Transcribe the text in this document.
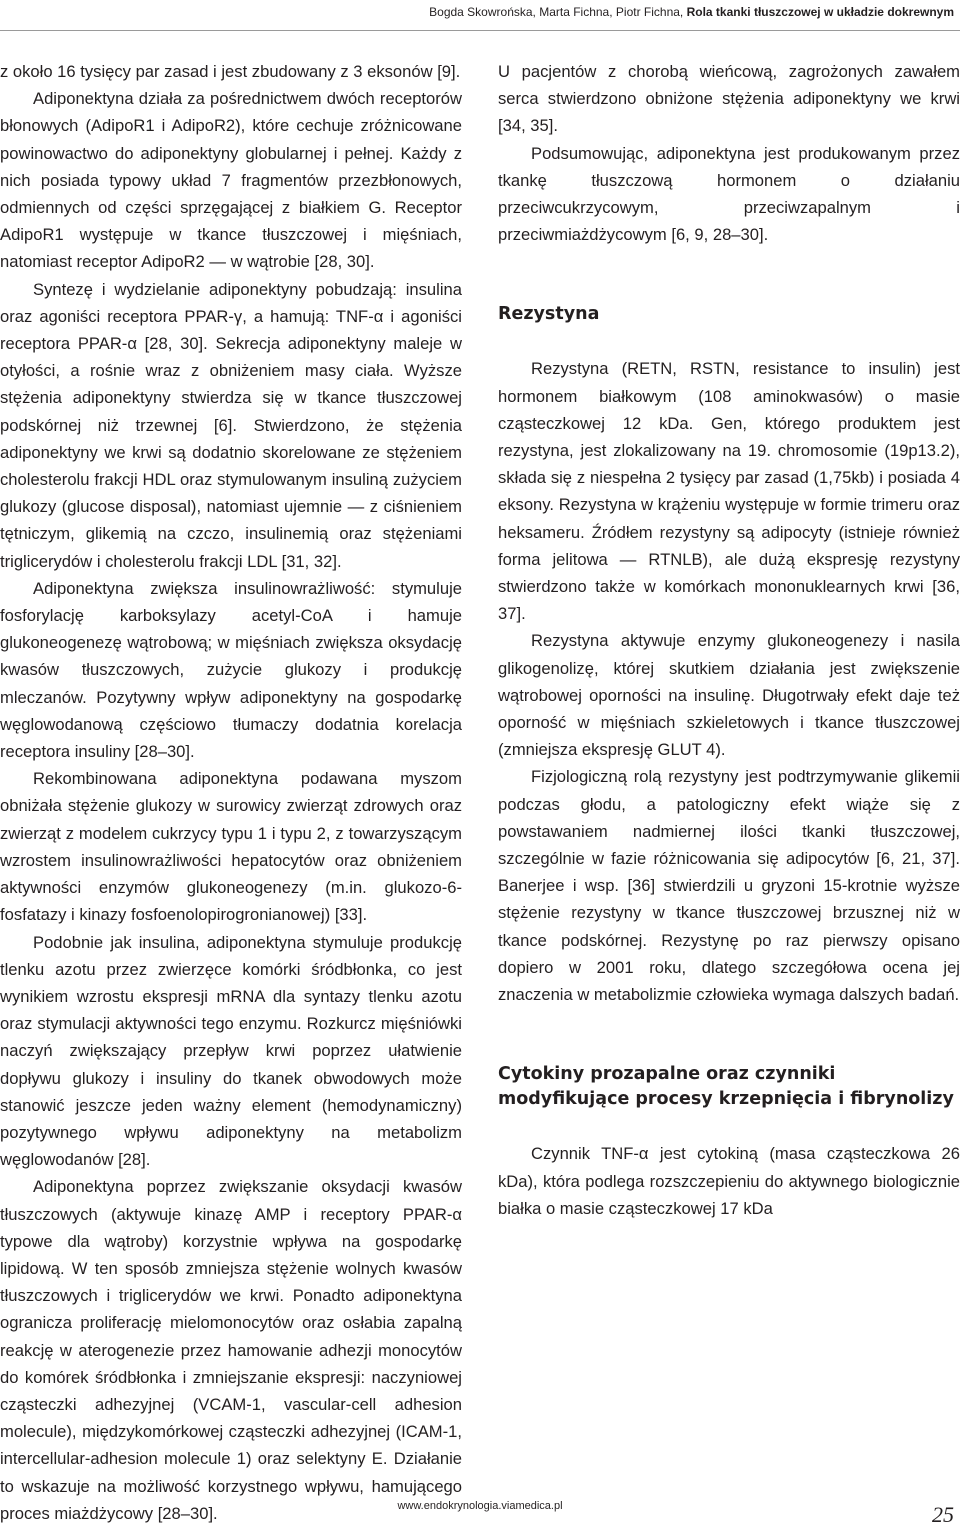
Bogda Skowrońska, Marta Fichna, Piotr Fichna, Rola tkanki tłuszczowej w układzie dokrewnym

z około 16 tysięcy par zasad i jest zbudowany z 3 eksonów [9].

Adiponektyna działa za pośrednictwem dwóch receptorów błonowych (AdipoR1 i AdipoR2), które cechuje zróżnicowane powinowactwo do adiponektyny globularnej i pełnej. Każdy z nich posiada typowy układ 7 fragmentów przezbłonowych, odmiennych od części sprzęgającej z białkiem G. Receptor AdipoR1 występuje w tkance tłuszczowej i mięśniach, natomiast receptor AdipoR2 — w wątrobie [28, 30].

Syntezę i wydzielanie adiponektyny pobudzają: insulina oraz agoniści receptora PPAR-γ, a hamują: TNF-α i agoniści receptora PPAR-α [28, 30]. Sekrecja adiponektyny maleje w otyłości, a rośnie wraz z obniżeniem masy ciała. Wyższe stężenia adiponektyny stwierdza się w tkance tłuszczowej podskórnej niż trzewnej [6]. Stwierdzono, że stężenia adiponektyny we krwi są dodatnio skorelowane ze stężeniem cholesterolu frakcji HDL oraz stymulowanym insuliną zużyciem glukozy (glucose disposal), natomiast ujemnie — z ciśnieniem tętniczym, glikemią na czczo, insulinemią oraz stężeniami triglicerydów i cholesterolu frakcji LDL [31, 32].

Adiponektyna zwiększa insulinowrażliwość: stymuluje fosforylację karboksylazy acetyl-CoA i hamuje glukoneogenezę wątrobową; w mięśniach zwiększa oksydację kwasów tłuszczowych, zużycie glukozy i produkcję mleczanów. Pozytywny wpływ adiponektyny na gospodarkę węglowodanową częściowo tłumaczy dodatnia korelacja receptora insuliny [28–30].

Rekombinowana adiponektyna podawana myszom obniżała stężenie glukozy w surowicy zwierząt zdrowych oraz zwierząt z modelem cukrzycy typu 1 i typu 2, z towarzyszącym wzrostem insulinowrażliwości hepatocytów oraz obniżeniem aktywności enzymów glukoneogenezy (m.in. glukozo-6-fosfatazy i kinazy fosfoenolopirogronianowej) [33].

Podobnie jak insulina, adiponektyna stymuluje produkcję tlenku azotu przez zwierzęce komórki śródbłonka, co jest wynikiem wzrostu ekspresji mRNA dla syntazy tlenku azotu oraz stymulacji aktywności tego enzymu. Rozkurcz mięśniówki naczyń zwiększający przepływ krwi poprzez ułatwienie dopływu glukozy i insuliny do tkanek obwodowych może stanowić jeszcze jeden ważny element (hemodynamiczny) pozytywnego wpływu adiponektyny na metabolizm węglowodanów [28].

Adiponektyna poprzez zwiększanie oksydacji kwasów tłuszczowych (aktywuje kinazę AMP i receptory PPAR-α typowe dla wątroby) korzystnie wpływa na gospodarkę lipidową. W ten sposób zmniejsza stężenie wolnych kwasów tłuszczowych i triglicerydów we krwi. Ponadto adiponektyna ogranicza proliferację mielomonocytów oraz osłabia zapalną reakcję w aterogenezie przez hamowanie adhezji monocytów do komórek śródbłonka i zmniejszanie ekspresji: naczyniowej cząsteczki adhezyjnej (VCAM-1, vascular-cell adhesion molecule), międzykomórkowej cząsteczki adhezyjnej (ICAM-1, intercellular-adhesion molecule 1) oraz selektyny E. Działanie to wskazuje na możliwość korzystnego wpływu, hamującego proces miażdżycowy [28–30].

U pacjentów z chorobą wieńcową, zagrożonych zawałem serca stwierdzono obniżone stężenia adiponektyny we krwi [34, 35].

Podsumowując, adiponektyna jest produkowanym przez tkankę tłuszczową hormonem o działaniu przeciwcukrzycowym, przeciwzapalnym i przeciwmiażdżycowym [6, 9, 28–30].

Rezystyna

Rezystyna (RETN, RSTN, resistance to insulin) jest hormonem białkowym (108 aminokwasów) o masie cząsteczkowej 12 kDa. Gen, którego produktem jest rezystyna, jest zlokalizowany na 19. chromosomie (19p13.2), składa się z niespełna 2 tysięcy par zasad (1,75kb) i posiada 4 eksony. Rezystyna w krążeniu występuje w formie trimeru oraz heksameru. Źródłem rezystyny są adipocyty (istnieje również forma jelitowa — RTNLB), ale dużą ekspresję rezystyny stwierdzono także w komórkach mononuklearnych krwi [36, 37].

Rezystyna aktywuje enzymy glukoneogenezy i nasila glikogenolizę, której skutkiem działania jest zwiększenie wątrobowej oporności na insulinę. Długotrwały efekt daje też oporność w mięśniach szkieletowych i tkance tłuszczowej (zmniejsza ekspresję GLUT 4).

Fizjologiczną rolą rezystyny jest podtrzymywanie glikemii podczas głodu, a patologiczny efekt wiąże się z powstawaniem nadmiernej ilości tkanki tłuszczowej, szczególnie w fazie różnicowania się adipocytów [6, 21, 37]. Banerjee i wsp. [36] stwierdzili u gryzoni 15-krotnie wyższe stężenie rezystyny w tkance tłuszczowej brzusznej niż w tkance podskórnej. Rezystynę po raz pierwszy opisano dopiero w 2001 roku, dlatego szczegółowa ocena jej znaczenia w metabolizmie człowieka wymaga dalszych badań.

Cytokiny prozapalne oraz czynniki modyfikujące procesy krzepnięcia i fibrynolizy

Czynnik TNF-α jest cytokiną (masa cząsteczkowa 26 kDa), która podlega rozszczepieniu do aktywnego biologicznie białka o masie cząsteczkowej 17 kDa

www.endokrynologia.viamedica.pl	25
